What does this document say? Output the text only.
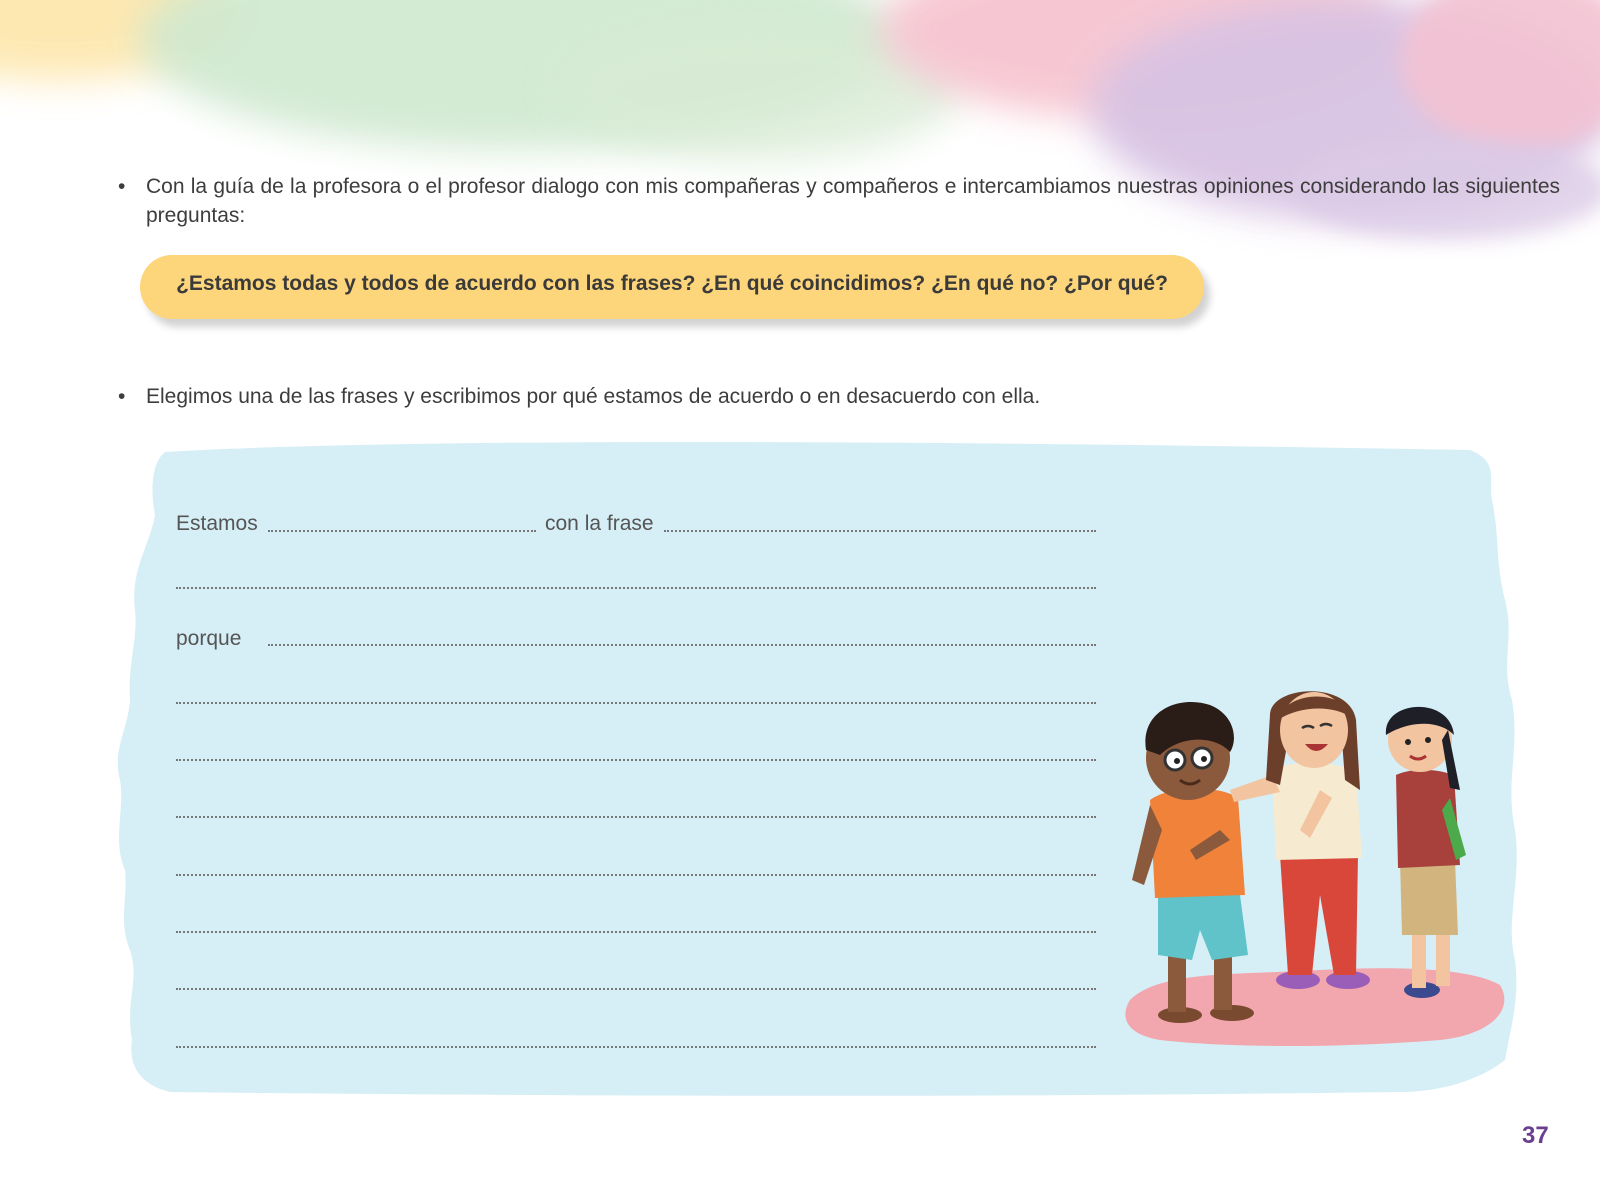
• Con la guía de la profesora o el profesor dialogo con mis compañeras y compañeros e intercambiamos nuestras opiniones considerando las siguientes preguntas:
¿Estamos todas y todos de acuerdo con las frases? ¿En qué coincidimos? ¿En qué no? ¿Por qué?
• Elegimos una de las frases y escribimos por qué estamos de acuerdo o en desacuerdo con ella.
Estamos	con la frase
porque
37
